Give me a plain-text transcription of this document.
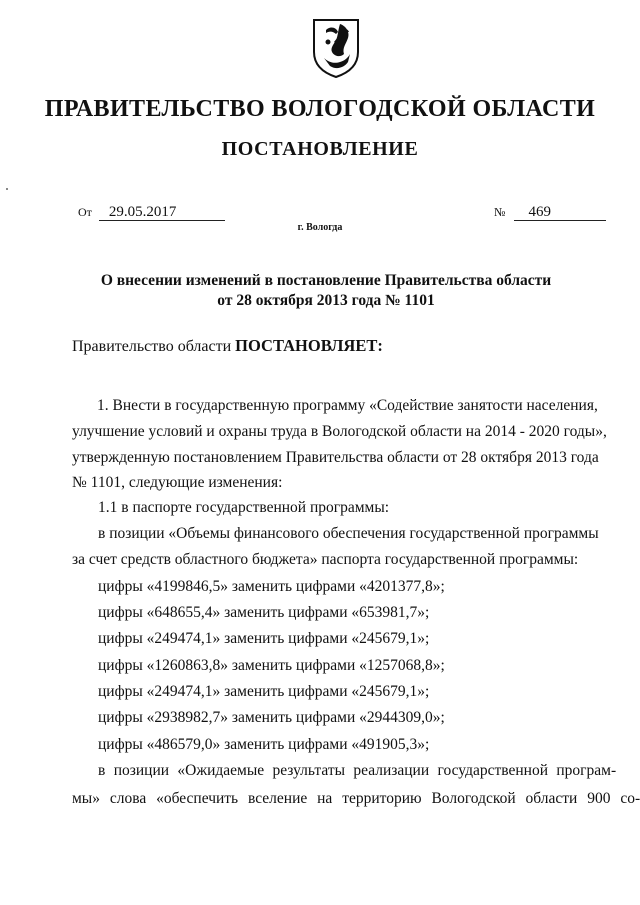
ПРАВИТЕЛЬСТВО ВОЛОГОДСКОЙ ОБЛАСТИ
ПОСТАНОВЛЕНИЕ
От 29.05.2017	№ 469
г. Вологда
О внесении изменений в постановление Правительства области
от 28 октября 2013 года № 1101
Правительство области ПОСТАНОВЛЯЕТ:
1. Внести в государственную программу «Содействие занятости населения,
улучшение условий и охраны труда в Вологодской области на 2014 - 2020 годы»,
утвержденную постановлением Правительства области от 28 октября 2013 года
№ 1101, следующие изменения:
1.1 в паспорте государственной программы:
в позиции «Объемы финансового обеспечения государственной программы
за счет средств областного бюджета» паспорта государственной программы:
цифры «4199846,5» заменить цифрами «4201377,8»;
цифры «648655,4» заменить цифрами «653981,7»;
цифры «249474,1» заменить цифрами «245679,1»;
цифры «1260863,8» заменить цифрами «1257068,8»;
цифры «249474,1» заменить цифрами «245679,1»;
цифры «2938982,7» заменить цифрами «2944309,0»;
цифры «486579,0» заменить цифрами «491905,3»;
в позиции «Ожидаемые результаты реализации государственной програм-
мы» слова «обеспечить вселение на территорию Вологодской области 900 со-
